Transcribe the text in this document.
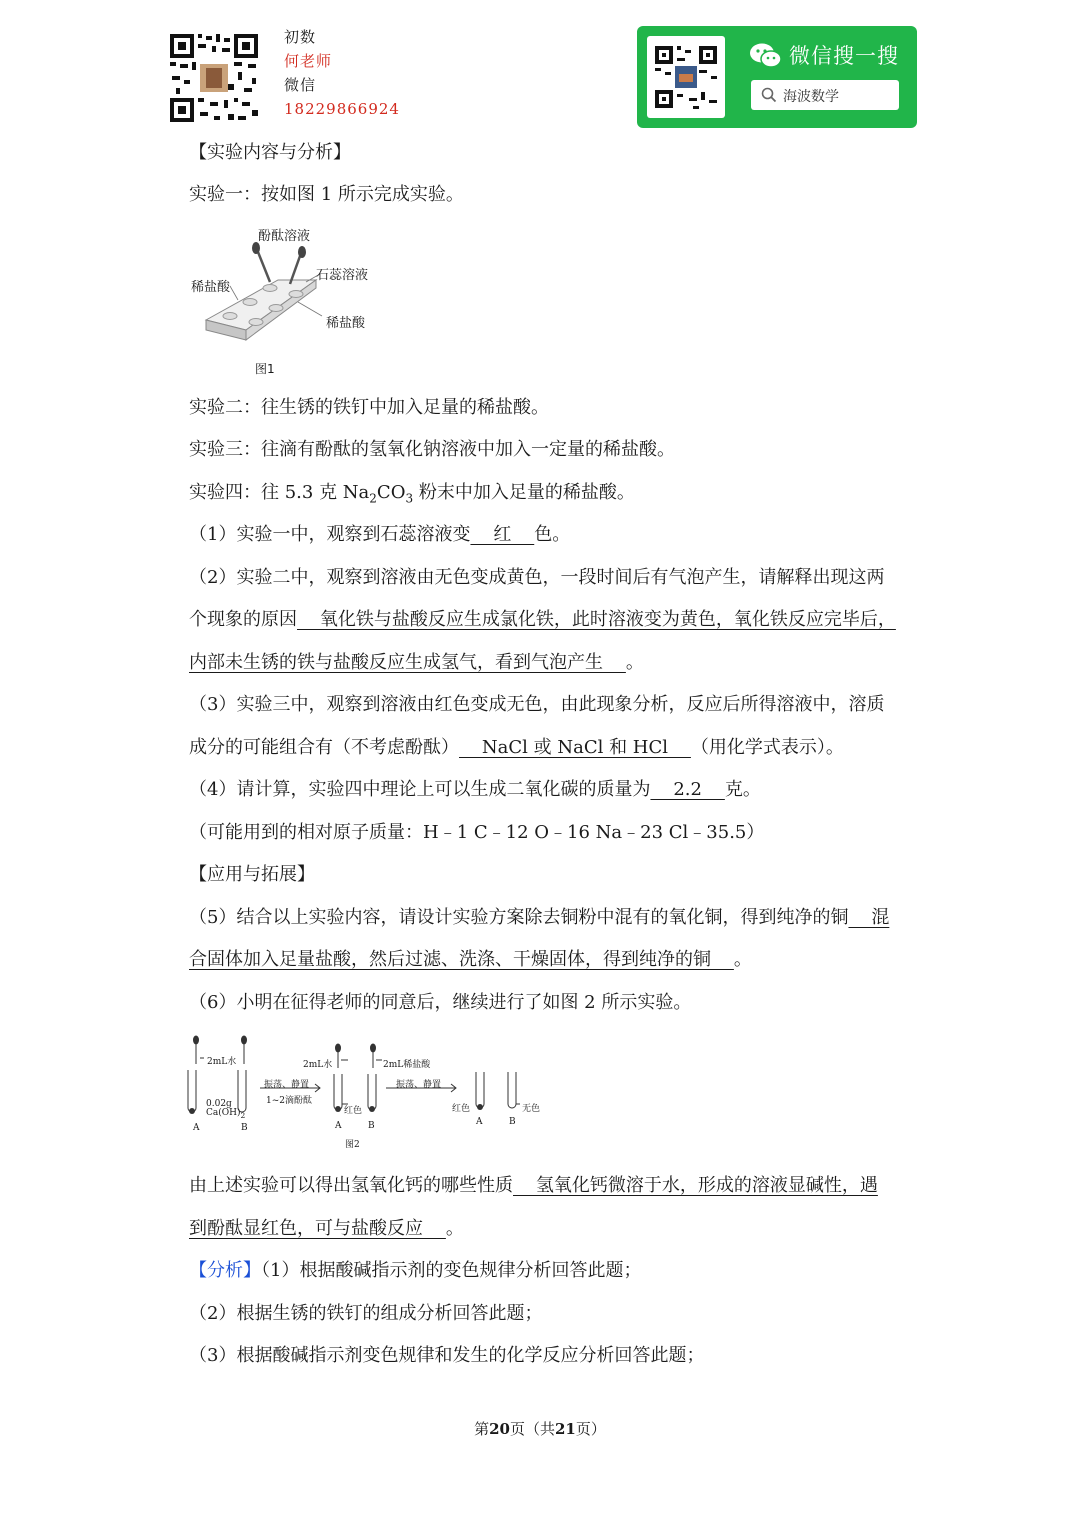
初数
何老师
微信
18229866924
微信搜一搜
海波数学
【实验内容与分析】
实验一：按如图 1 所示完成实验。
酚酞溶液
石蕊溶液
稀盐酸
稀盐酸
图1
实验二：往生锈的铁钉中加入足量的稀盐酸。
实验三：往滴有酚酞的氢氧化钠溶液中加入一定量的稀盐酸。
实验四：往 5.3 克 $Na_2CO_3$ 粉末中加入足量的稀盐酸。
（1）实验一中，观察到石蕊溶液变    红    色。
（2）实验二中，观察到溶液由无色变成黄色，一段时间后有气泡产生，请解释出现这两
个现象的原因    氧化铁与盐酸反应生成氯化铁，此时溶液变为黄色，氧化铁反应完毕后，
内部未生锈的铁与盐酸反应生成氢气，看到气泡产生    。
（3）实验三中，观察到溶液由红色变成无色，由此现象分析，反应后所得溶液中，溶质
成分的可能组合有（不考虑酚酞）    NaCl 或 NaCl 和 HCl    （用化学式表示）。
（4）请计算，实验四中理论上可以生成二氧化碳的质量为    2.2    克。
（可能用到的相对原子质量：H﹣1 C﹣12 O﹣16 Na﹣23 Cl﹣35.5）
【应用与拓展】
（5）结合以上实验内容，请设计实验方案除去铜粉中混有的氧化铜，得到纯净的铜    混
合固体加入足量盐酸，然后过滤、洗涤、干燥固体，得到纯净的铜    。
（6）小明在征得老师的同意后，继续进行了如图 2 所示实验。
2mL水	2mL水	2mL稀盐酸
振荡、静置
1~2滴酚酞
振荡、静置
0.02g
$Ca(OH)_2$	红色	红色	无色
A	B	A	B	A	B
图2
由上述实验可以得出氢氧化钙的哪些性质    氢氧化钙微溶于水，形成的溶液显碱性，遇
到酚酞显红色，可与盐酸反应    。
【分析】（1）根据酸碱指示剂的变色规律分析回答此题；
（2）根据生锈的铁钉的组成分析回答此题；
（3）根据酸碱指示剂变色规律和发生的化学反应分析回答此题；
第20页（共21页）
